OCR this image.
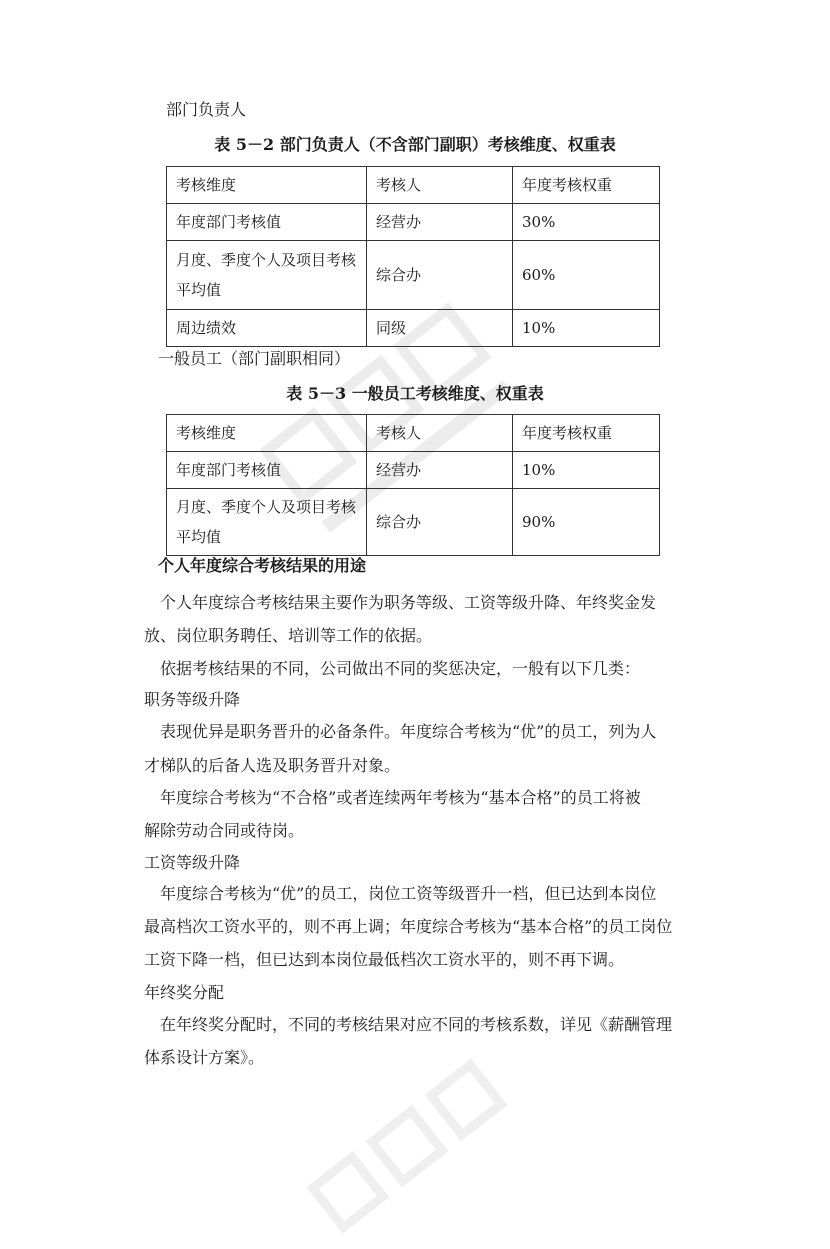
部门负责人
表 5－2 部门负责人（不含部门副职）考核维度、权重表
考核维度	考核人	年度考核权重
年度部门考核值	经营办	30%
月度、季度个人及项目考核平均值	综合办	60%
周边绩效	同级	10%
一般员工（部门副职相同）
表 5－3 一般员工考核维度、权重表
考核维度	考核人	年度考核权重
年度部门考核值	经营办	10%
月度、季度个人及项目考核平均值	综合办	90%
个人年度综合考核结果的用途
个人年度综合考核结果主要作为职务等级、工资等级升降、年终奖金发
放、岗位职务聘任、培训等工作的依据。
依据考核结果的不同，公司做出不同的奖惩决定，一般有以下几类：
职务等级升降
表现优异是职务晋升的必备条件。年度综合考核为“优”的员工，列为人
才梯队的后备人选及职务晋升对象。
年度综合考核为“不合格”或者连续两年考核为“基本合格”的员工将被
解除劳动合同或待岗。
工资等级升降
年度综合考核为“优”的员工，岗位工资等级晋升一档，但已达到本岗位
最高档次工资水平的，则不再上调；年度综合考核为“基本合格”的员工岗位
工资下降一档，但已达到本岗位最低档次工资水平的，则不再下调。
年终奖分配
在年终奖分配时，不同的考核结果对应不同的考核系数，详见《薪酬管理
体系设计方案》。
